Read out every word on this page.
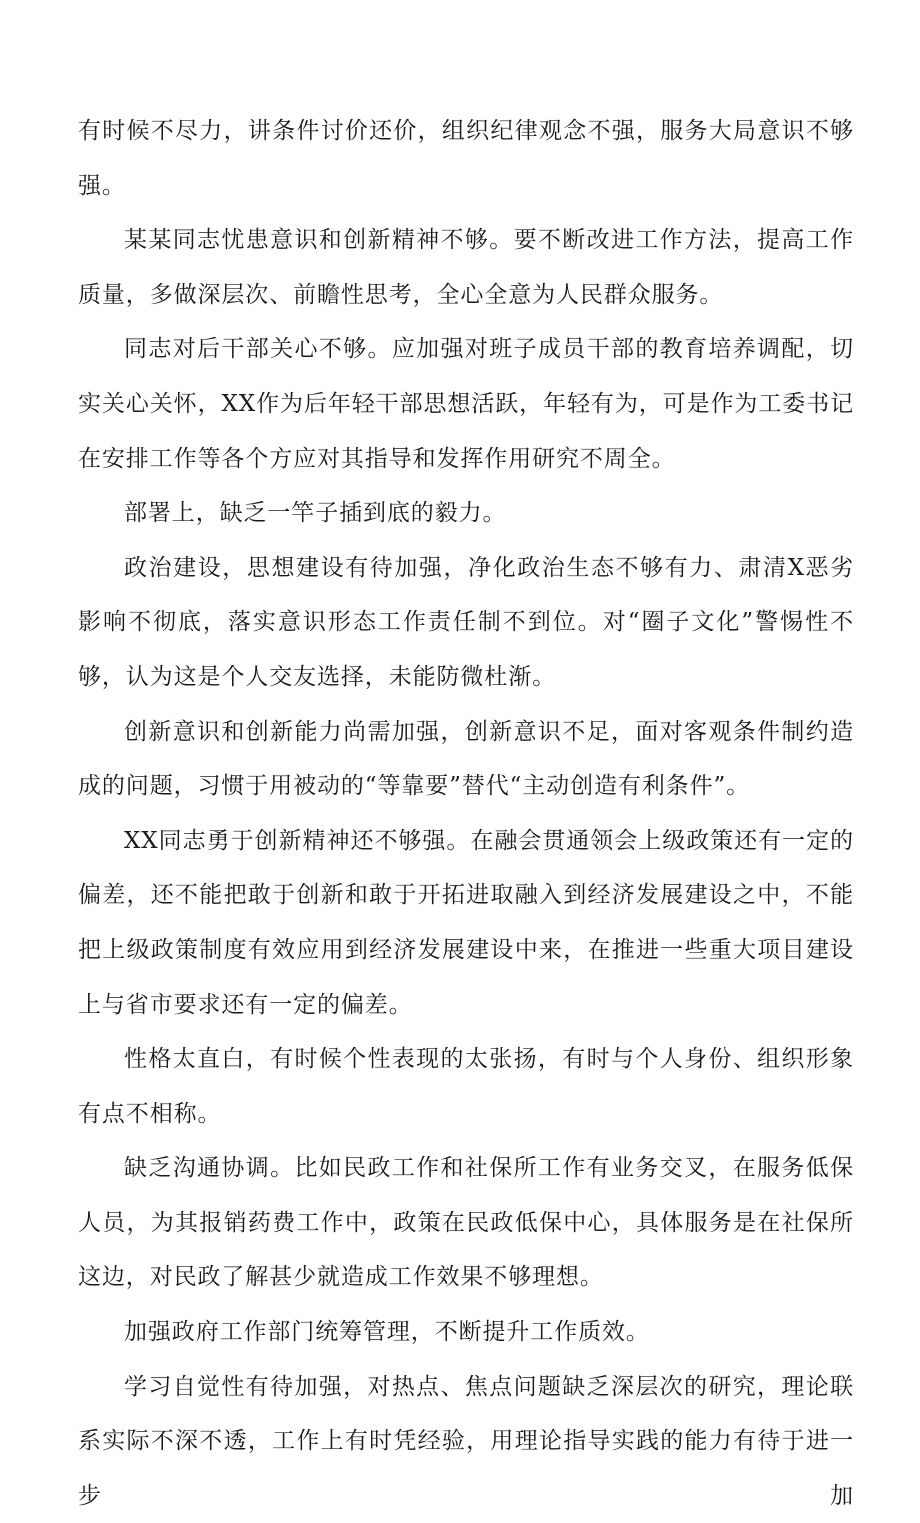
有时候不尽力，讲条件讨价还价，组织纪律观念不强，服务大局意识不够强。

某某同志忧患意识和创新精神不够。要不断改进工作方法，提高工作质量，多做深层次、前瞻性思考，全心全意为人民群众服务。

同志对后干部关心不够。应加强对班子成员干部的教育培养调配，切实关心关怀，XX作为后年轻干部思想活跃，年轻有为，可是作为工委书记在安排工作等各个方应对其指导和发挥作用研究不周全。

部署上，缺乏一竿子插到底的毅力。

政治建设，思想建设有待加强，净化政治生态不够有力、肃清X恶劣影响不彻底，落实意识形态工作责任制不到位。对“圈子文化”警惕性不够，认为这是个人交友选择，未能防微杜渐。

创新意识和创新能力尚需加强，创新意识不足，面对客观条件制约造成的问题，习惯于用被动的“等靠要”替代“主动创造有利条件”。

XX同志勇于创新精神还不够强。在融会贯通领会上级政策还有一定的偏差，还不能把敢于创新和敢于开拓进取融入到经济发展建设之中，不能把上级政策制度有效应用到经济发展建设中来，在推进一些重大项目建设上与省市要求还有一定的偏差。

性格太直白，有时候个性表现的太张扬，有时与个人身份、组织形象有点不相称。

缺乏沟通协调。比如民政工作和社保所工作有业务交叉，在服务低保人员，为其报销药费工作中，政策在民政低保中心，具体服务是在社保所这边，对民政了解甚少就造成工作效果不够理想。

加强政府工作部门统筹管理，不断提升工作质效。

学习自觉性有待加强，对热点、焦点问题缺乏深层次的研究，理论联系实际不深不透，工作上有时凭经验，用理论指导实践的能力有待于进一步加
